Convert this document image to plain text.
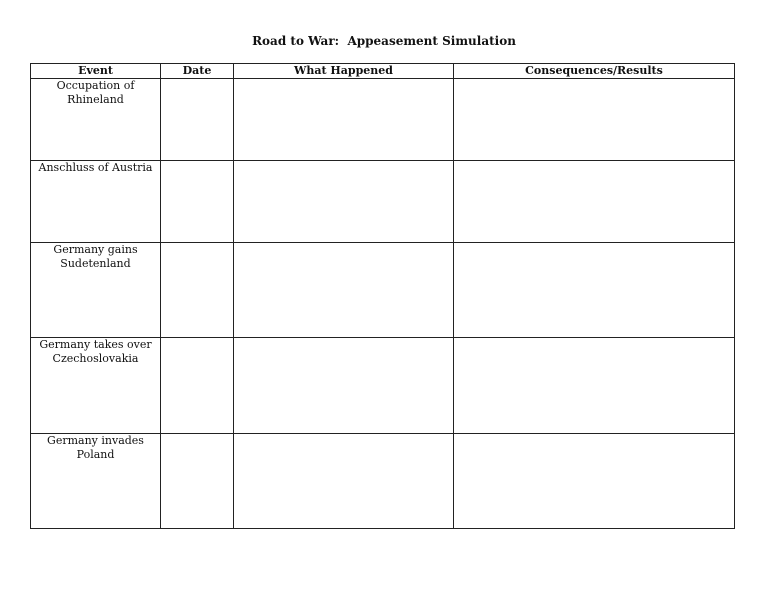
Road to War:  Appeasement Simulation
Event	Date	What Happened	Consequences/Results
Occupation of Rhineland			
Anschluss of Austria			
Germany gains Sudetenland			
Germany takes over Czechoslovakia			
Germany invades Poland			
